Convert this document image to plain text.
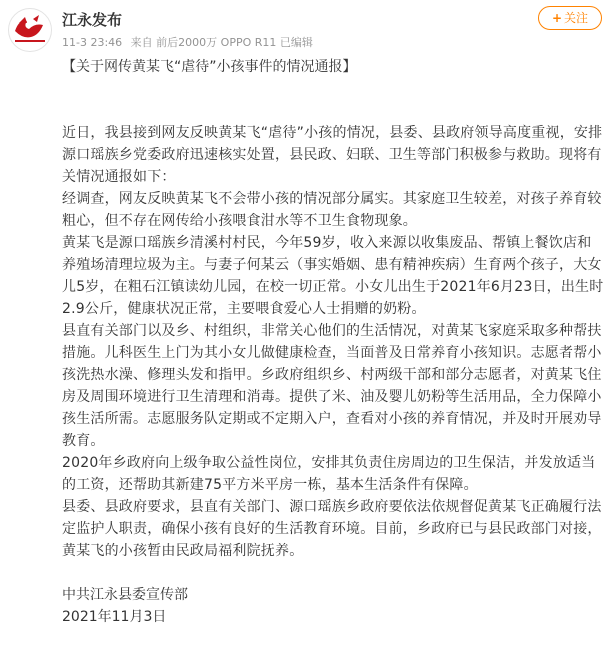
江永发布
11-3 23:46 来自 前后2000万 OPPO R11 已编辑
+ 关注

【关于网传黄某飞“虐待”小孩事件的情况通报】

近日，我县接到网友反映黄某飞“虐待”小孩的情况，县委、县政府领导高度重视，安排源口瑶族乡党委政府迅速核实处置，县民政、妇联、卫生等部门积极参与救助。现将有关情况通报如下：

经调查，网友反映黄某飞不会带小孩的情况部分属实。其家庭卫生较差，对孩子养育较粗心，但不存在网传给小孩喂食泔水等不卫生食物现象。

黄某飞是源口瑶族乡清溪村村民，今年59岁，收入来源以收集废品、帮镇上餐饮店和养殖场清理垃圾为主。与妻子何某云（事实婚姻、患有精神疾病）生育两个孩子，大女儿5岁，在粗石江镇读幼儿园，在校一切正常。小女儿出生于2021年6月23日，出生时2.9公斤，健康状况正常，主要喂食爱心人士捐赠的奶粉。

县直有关部门以及乡、村组织，非常关心他们的生活情况，对黄某飞家庭采取多种帮扶措施。儿科医生上门为其小女儿做健康检查，当面普及日常养育小孩知识。志愿者帮小孩洗热水澡、修理头发和指甲。乡政府组织乡、村两级干部和部分志愿者，对黄某飞住房及周围环境进行卫生清理和消毒。提供了米、油及婴儿奶粉等生活用品，全力保障小孩生活所需。志愿服务队定期或不定期入户，查看对小孩的养育情况，并及时开展劝导教育。

2020年乡政府向上级争取公益性岗位，安排其负责住房周边的卫生保洁，并发放适当的工资，还帮助其新建75平方米平房一栋，基本生活条件有保障。

县委、县政府要求，县直有关部门、源口瑶族乡政府要依法依规督促黄某飞正确履行法定监护人职责，确保小孩有良好的生活教育环境。目前，乡政府已与县民政部门对接，黄某飞的小孩暂由民政局福利院抚养。

中共江永县委宣传部

2021年11月3日
